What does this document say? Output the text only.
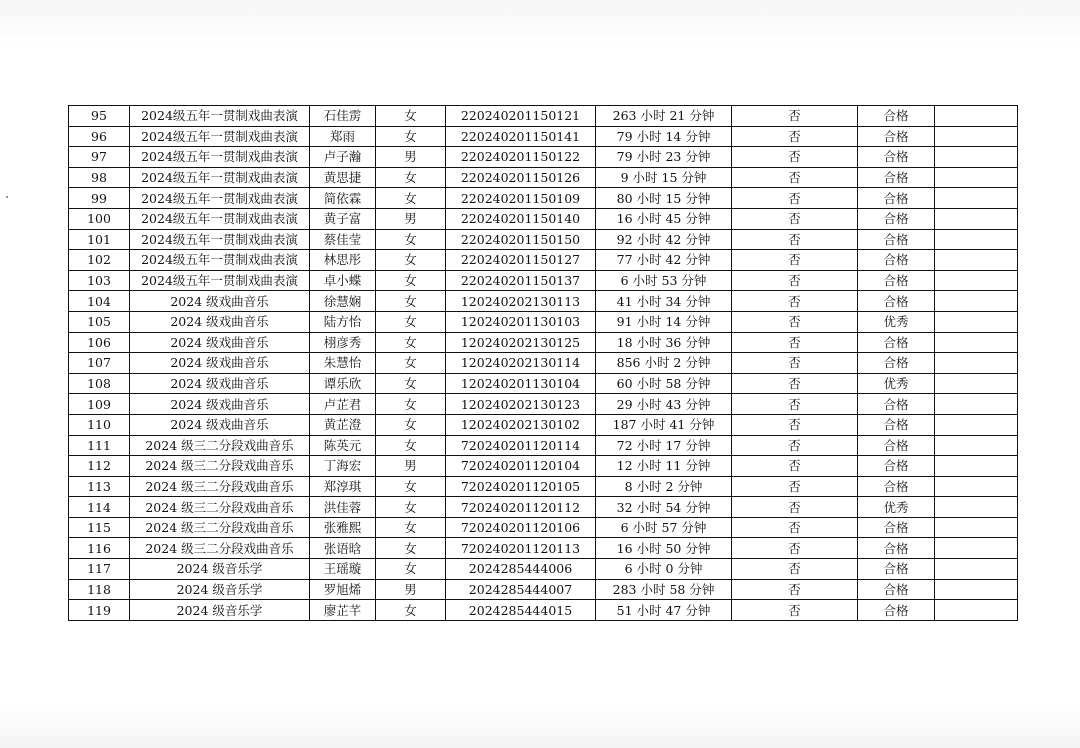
95	2024级五年一贯制戏曲表演	石佳雳	女	220240201150121	263 小时 21 分钟	否	合格	
96	2024级五年一贯制戏曲表演	郑雨	女	220240201150141	79 小时 14 分钟	否	合格	
97	2024级五年一贯制戏曲表演	卢子瀚	男	220240201150122	79 小时 23 分钟	否	合格	
98	2024级五年一贯制戏曲表演	黄思捷	女	220240201150126	9 小时 15 分钟	否	合格	
99	2024级五年一贯制戏曲表演	简依霖	女	220240201150109	80 小时 15 分钟	否	合格	
100	2024级五年一贯制戏曲表演	黄子富	男	220240201150140	16 小时 45 分钟	否	合格	
101	2024级五年一贯制戏曲表演	蔡佳莹	女	220240201150150	92 小时 42 分钟	否	合格	
102	2024级五年一贯制戏曲表演	林思彤	女	220240201150127	77 小时 42 分钟	否	合格	
103	2024级五年一贯制戏曲表演	卓小蝶	女	220240201150137	6 小时 53 分钟	否	合格	
104	2024 级戏曲音乐	徐慧娴	女	120240202130113	41 小时 34 分钟	否	合格	
105	2024 级戏曲音乐	陆方怡	女	120240201130103	91 小时 14 分钟	否	优秀	
106	2024 级戏曲音乐	栩彦秀	女	120240202130125	18 小时 36 分钟	否	合格	
107	2024 级戏曲音乐	朱慧怡	女	120240202130114	856 小时 2 分钟	否	合格	
108	2024 级戏曲音乐	谭乐欣	女	120240201130104	60 小时 58 分钟	否	优秀	
109	2024 级戏曲音乐	卢芷君	女	120240202130123	29 小时 43 分钟	否	合格	
110	2024 级戏曲音乐	黄芷澄	女	120240202130102	187 小时 41 分钟	否	合格	
111	2024 级三二分段戏曲音乐	陈英元	女	720240201120114	72 小时 17 分钟	否	合格	
112	2024 级三二分段戏曲音乐	丁海宏	男	720240201120104	12 小时 11 分钟	否	合格	
113	2024 级三二分段戏曲音乐	郑淳琪	女	720240201120105	8 小时 2 分钟	否	合格	
114	2024 级三二分段戏曲音乐	洪佳蓉	女	720240201120112	32 小时 54 分钟	否	优秀	
115	2024 级三二分段戏曲音乐	张雅熙	女	720240201120106	6 小时 57 分钟	否	合格	
116	2024 级三二分段戏曲音乐	张语晗	女	720240201120113	16 小时 50 分钟	否	合格	
117	2024 级音乐学	王瑶璇	女	2024285444006	6 小时 0 分钟	否	合格	
118	2024 级音乐学	罗旭烯	男	2024285444007	283 小时 58 分钟	否	合格	
119	2024 级音乐学	廖芷芊	女	2024285444015	51 小时 47 分钟	否	合格	
